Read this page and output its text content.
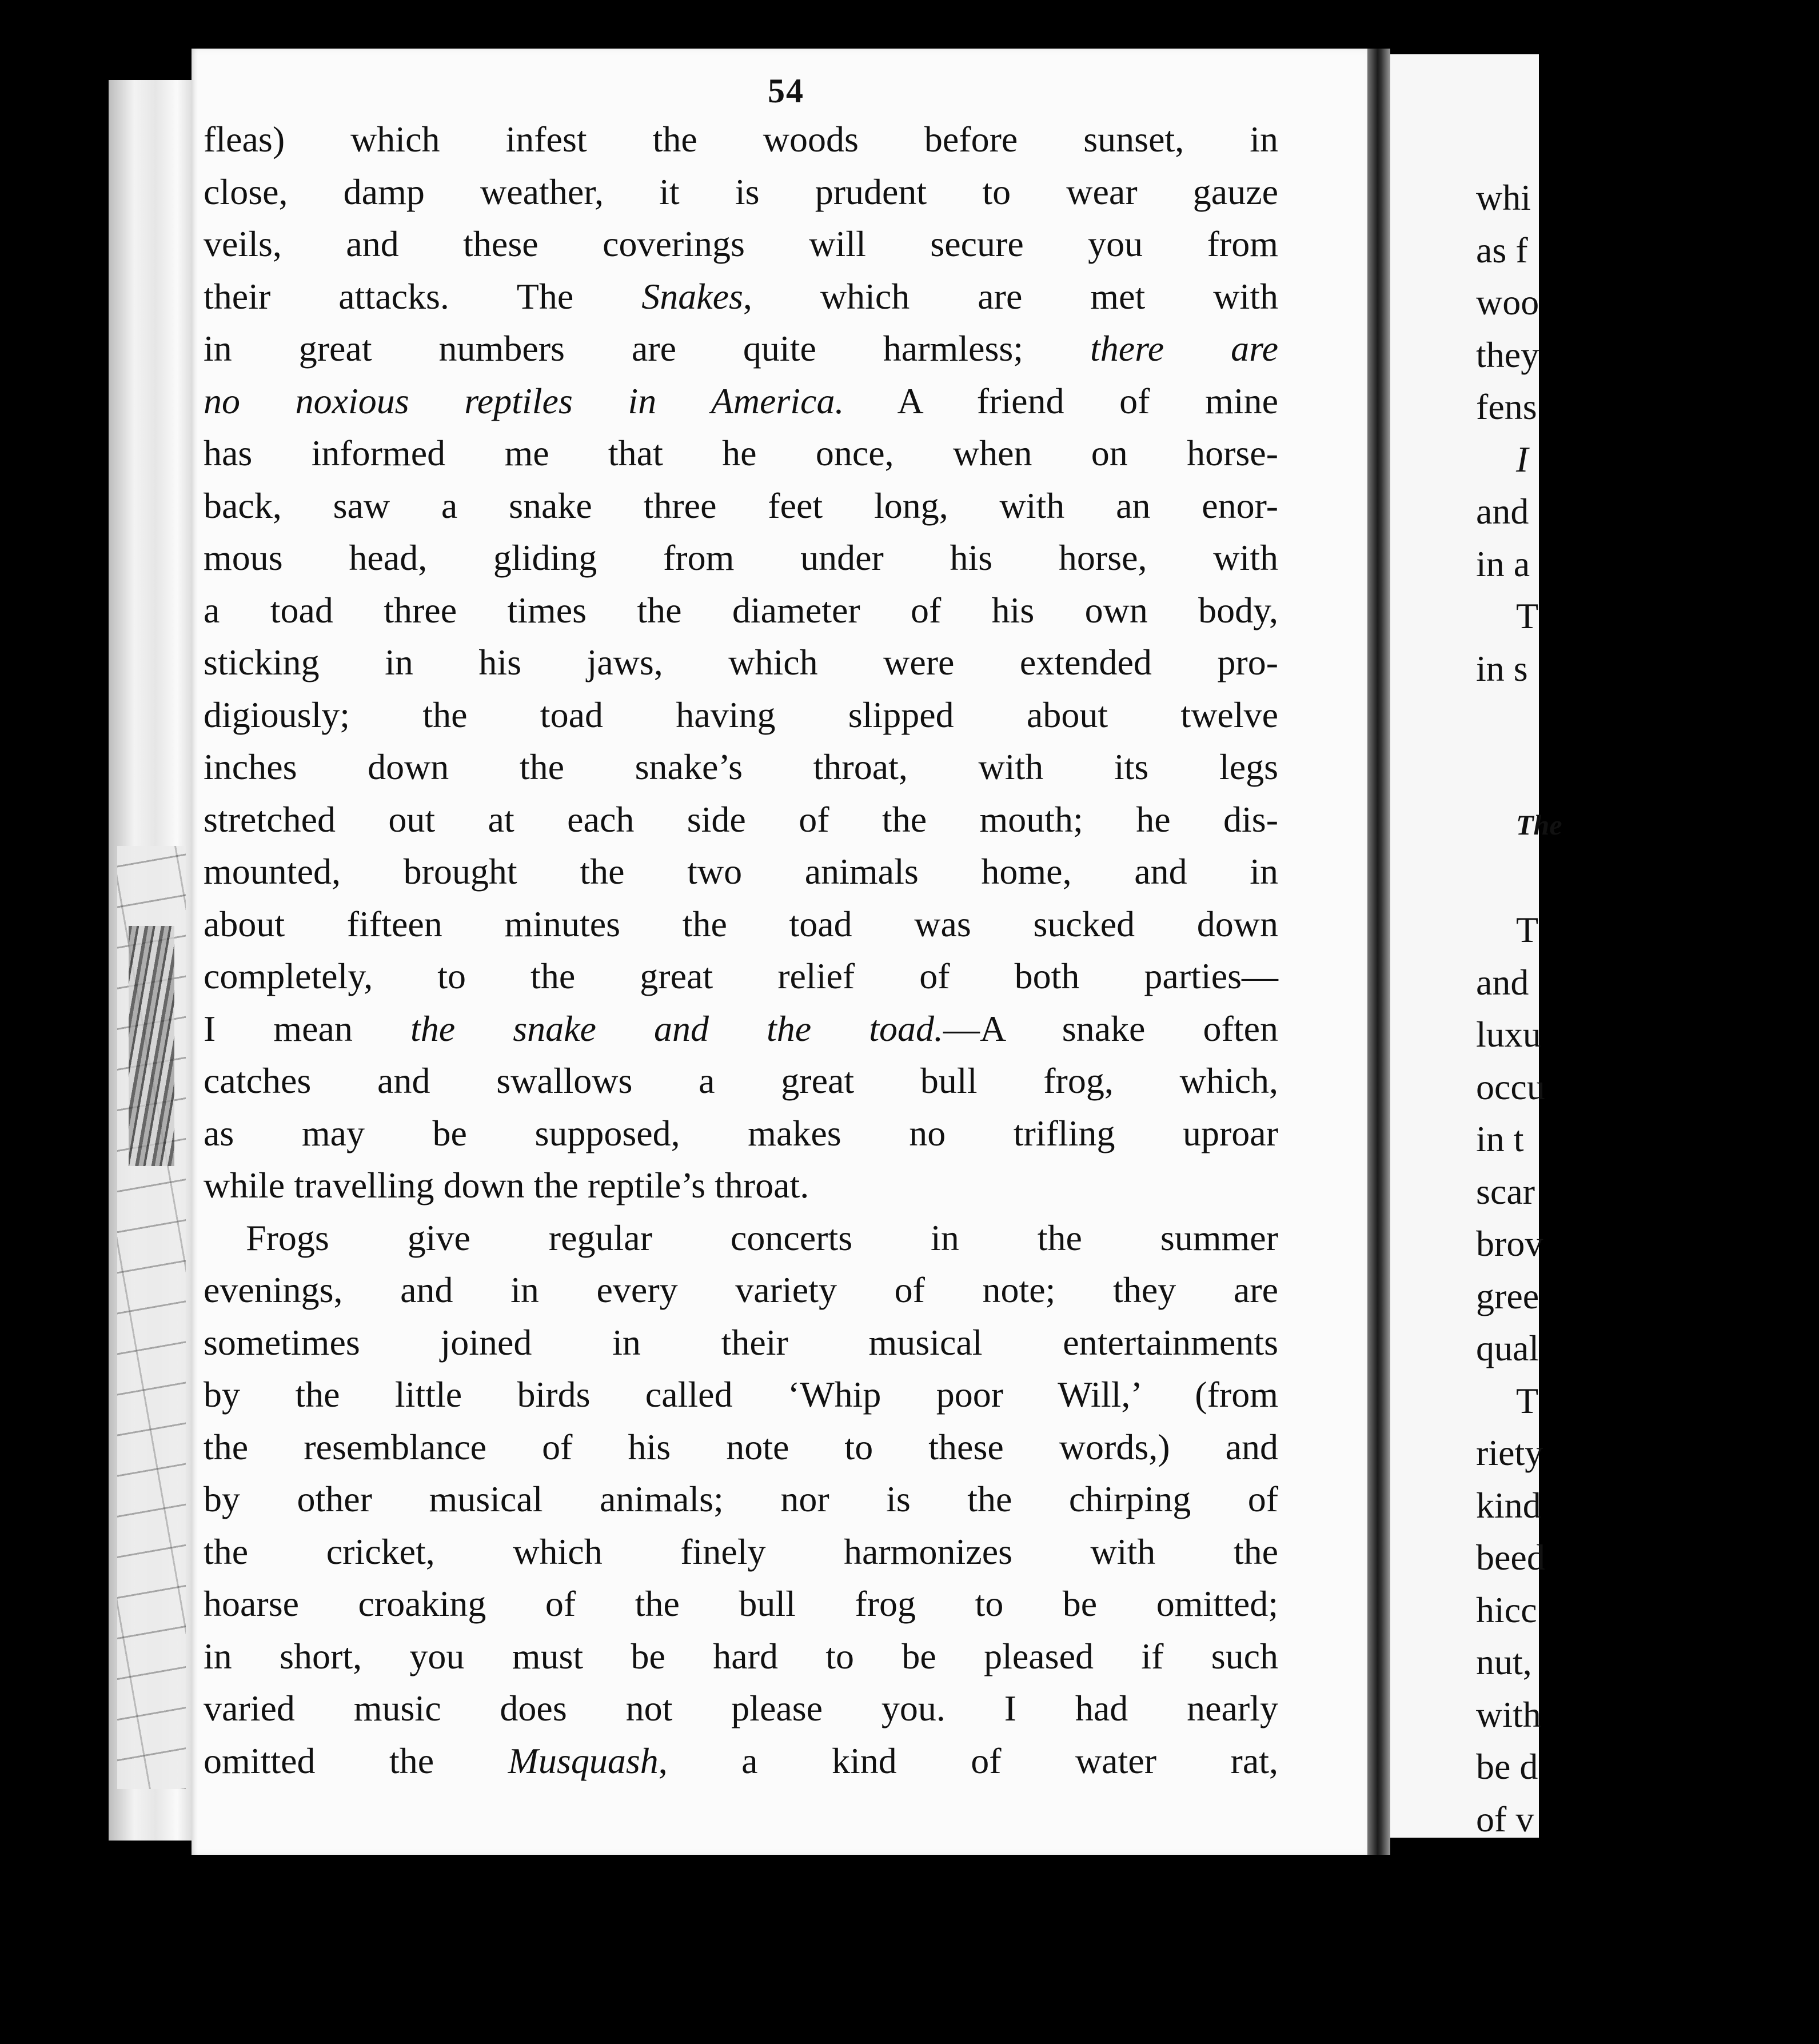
54
fleas) which infest the woods before sunset, in
close, damp weather, it is prudent to wear gauze
veils, and these coverings will secure you from
their attacks. The Snakes, which are met with
in great numbers are quite harmless; there are
no noxious reptiles in America. A friend of mine
has informed me that he once, when on horse-
back, saw a snake three feet long, with an enor-
mous head, gliding from under his horse, with
a toad three times the diameter of his own body,
sticking in his jaws, which were extended pro-
digiously; the toad having slipped about twelve
inches down the snake’s throat, with its legs
stretched out at each side of the mouth; he dis-
mounted, brought the two animals home, and in
about fifteen minutes the toad was sucked down
completely, to the great relief of both parties—
I mean the snake and the toad.—A snake often
catches and swallows a great bull frog, which,
as may be supposed, makes no trifling uproar
while travelling down the reptile’s throat.
Frogs give regular concerts in the summer
evenings, and in every variety of note; they are
sometimes joined in their musical entertainments
by the little birds called ‘Whip poor Will,’ (from
the resemblance of his note to these words,) and
by other musical animals; nor is the chirping of
the cricket, which finely harmonizes with the
hoarse croaking of the bull frog to be omitted;
in short, you must be hard to be pleased if such
varied music does not please you. I had nearly
omitted the Musquash, a kind of water rat,
whi
as f
woo
they
fens
I
and
in a
T
in s
The
T
and
luxu
occu
in t
scar
brov
gree
qual
T
riety
kind
beed
hicc
nut,
with
be d
of v
